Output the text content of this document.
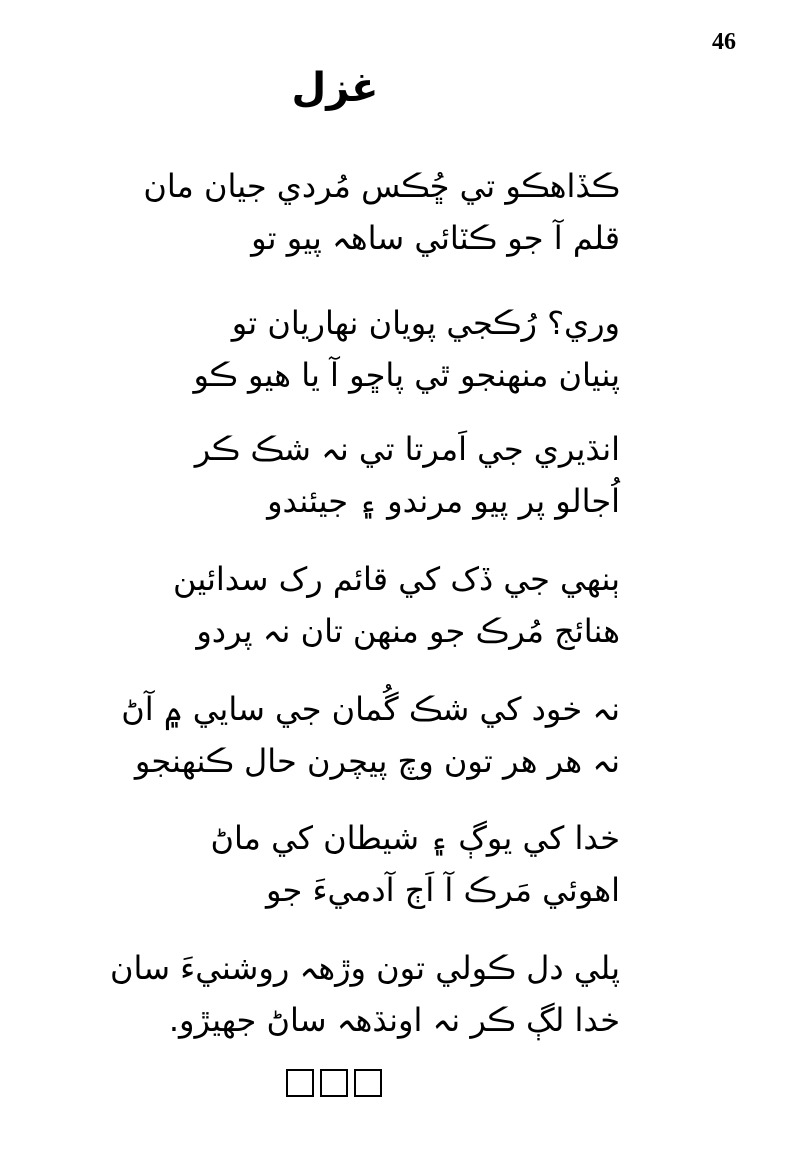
46
غزل
ڪڏاهڪو تي ڇُڪس مُردي جيان مان
قلم آ جو ڪٽائي ساهہ پيو تو
وري؟ رُڪجي پويان نهاريان تو
پنيان منهنجو ٿي پاڇو آ يا هيو ڪو
انڌيري جي اَمرتا تي نہ شڪ ڪر
اُجالو پر پيو مرندو ۽ جيئندو
ٻنهي جي ڏک کي قائم رک سدائين
هنائج مُرڪ جو منهن تان نہ پردو
نہ خود کي شڪ گُمان جي سايي ۾ آڻ
نہ هر هر تون وچ پيچرن حال ڪنهنجو
خدا کي يوڳ ۽ شيطان کي ماڻ
اهوئي مَرڪ آ اَڄ آدميءَ جو
پلي دل ڪولي تون وڙهہ روشنيءَ سان
خدا لڳ ڪر نہ اونڌهہ ساڻ جهيڙو.
